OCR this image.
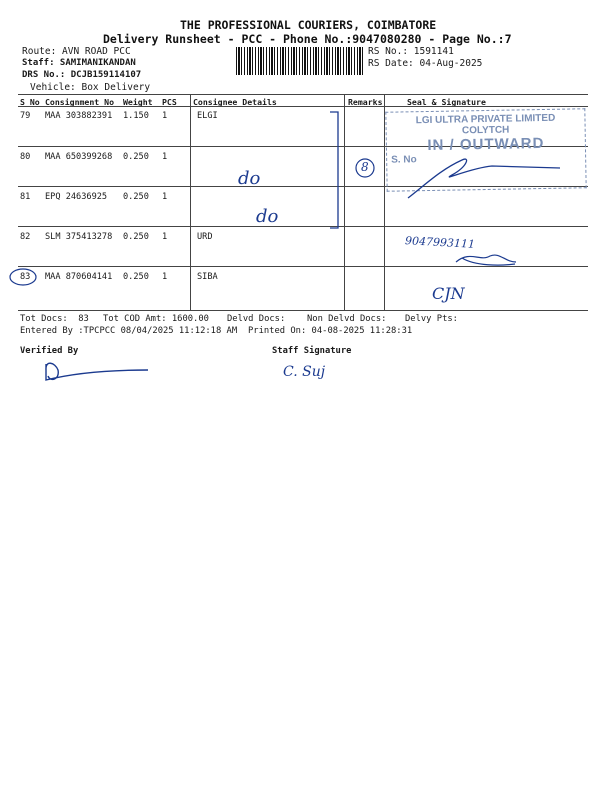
THE PROFESSIONAL COURIERS, COIMBATORE
Delivery Runsheet - PCC - Phone No.:9047080280 - Page No.:7
Route: AVN ROAD PCC
Staff: SAMIMANIKANDAN
DRS No.: DCJB159114107
Vehicle: Box Delivery
RS No.: 1591141
RS Date: 04-Aug-2025
S No Consignment No Weight PCS Consignee Details	Remarks	Seal & Signature
79 MAA 303882391 1.150 1	ELGI
80 MAA 650399268 0.250 1
81 EPQ 24636925 0.250 1
82 SLM 375413278 0.250 1	URD
83 MAA 870604141 0.250 1	SIBA
LGI ULTRA PRIVATE LIMITED
COLYTCH
IN / OUTWARD
S. No
do
do
8
9047993111
CJN
C. Suj
Tot Docs:  83 Tot COD Amt: 1600.00 Delvd Docs: Non Delvd Docs: Delvy Pts:
Entered By :TPCPCC 08/04/2025 11:12:18 AM Printed On: 04-08-2025 11:28:31
Verified By	Staff Signature
